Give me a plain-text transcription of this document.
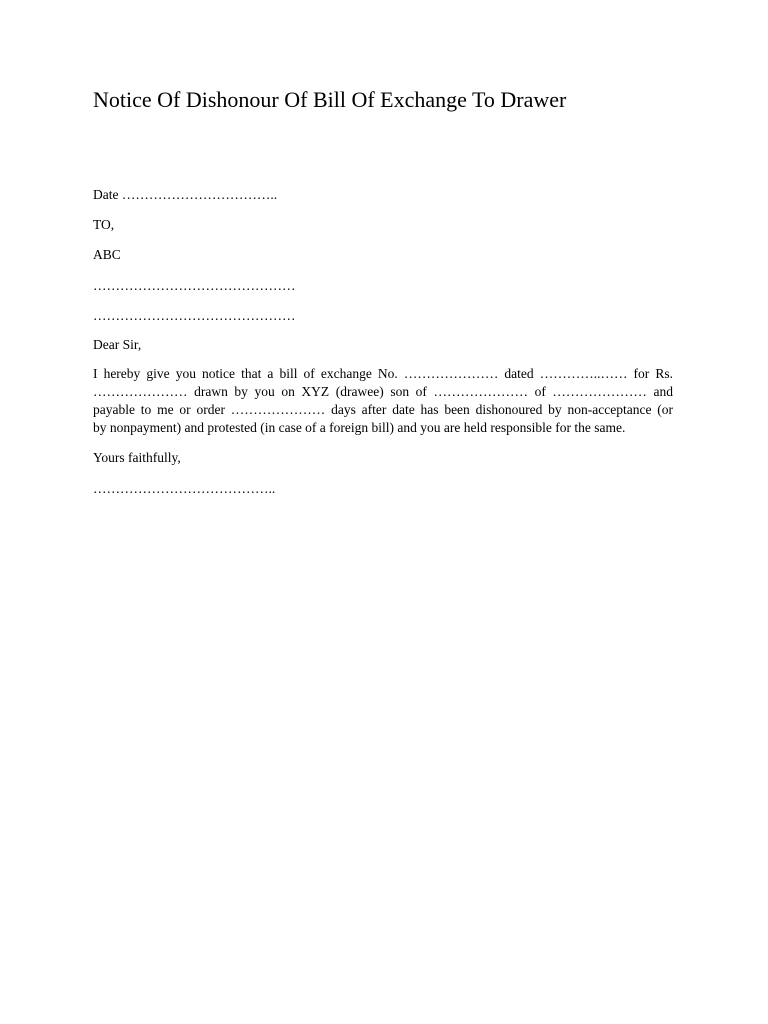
Notice Of Dishonour Of Bill Of Exchange To Drawer

Date ……………………………..

TO,

ABC

………………………………………

………………………………………

Dear Sir,

I hereby give you notice that a bill of exchange No. ………………… dated …………..…… for Rs.
………………… drawn by you on XYZ (drawee) son of ………………… of ………………… and
payable to me or order ………………… days after date has been dishonoured by non-acceptance (or
by nonpayment) and protested (in case of a foreign bill) and you are held responsible for the same.

Yours faithfully,

…………………………………..
